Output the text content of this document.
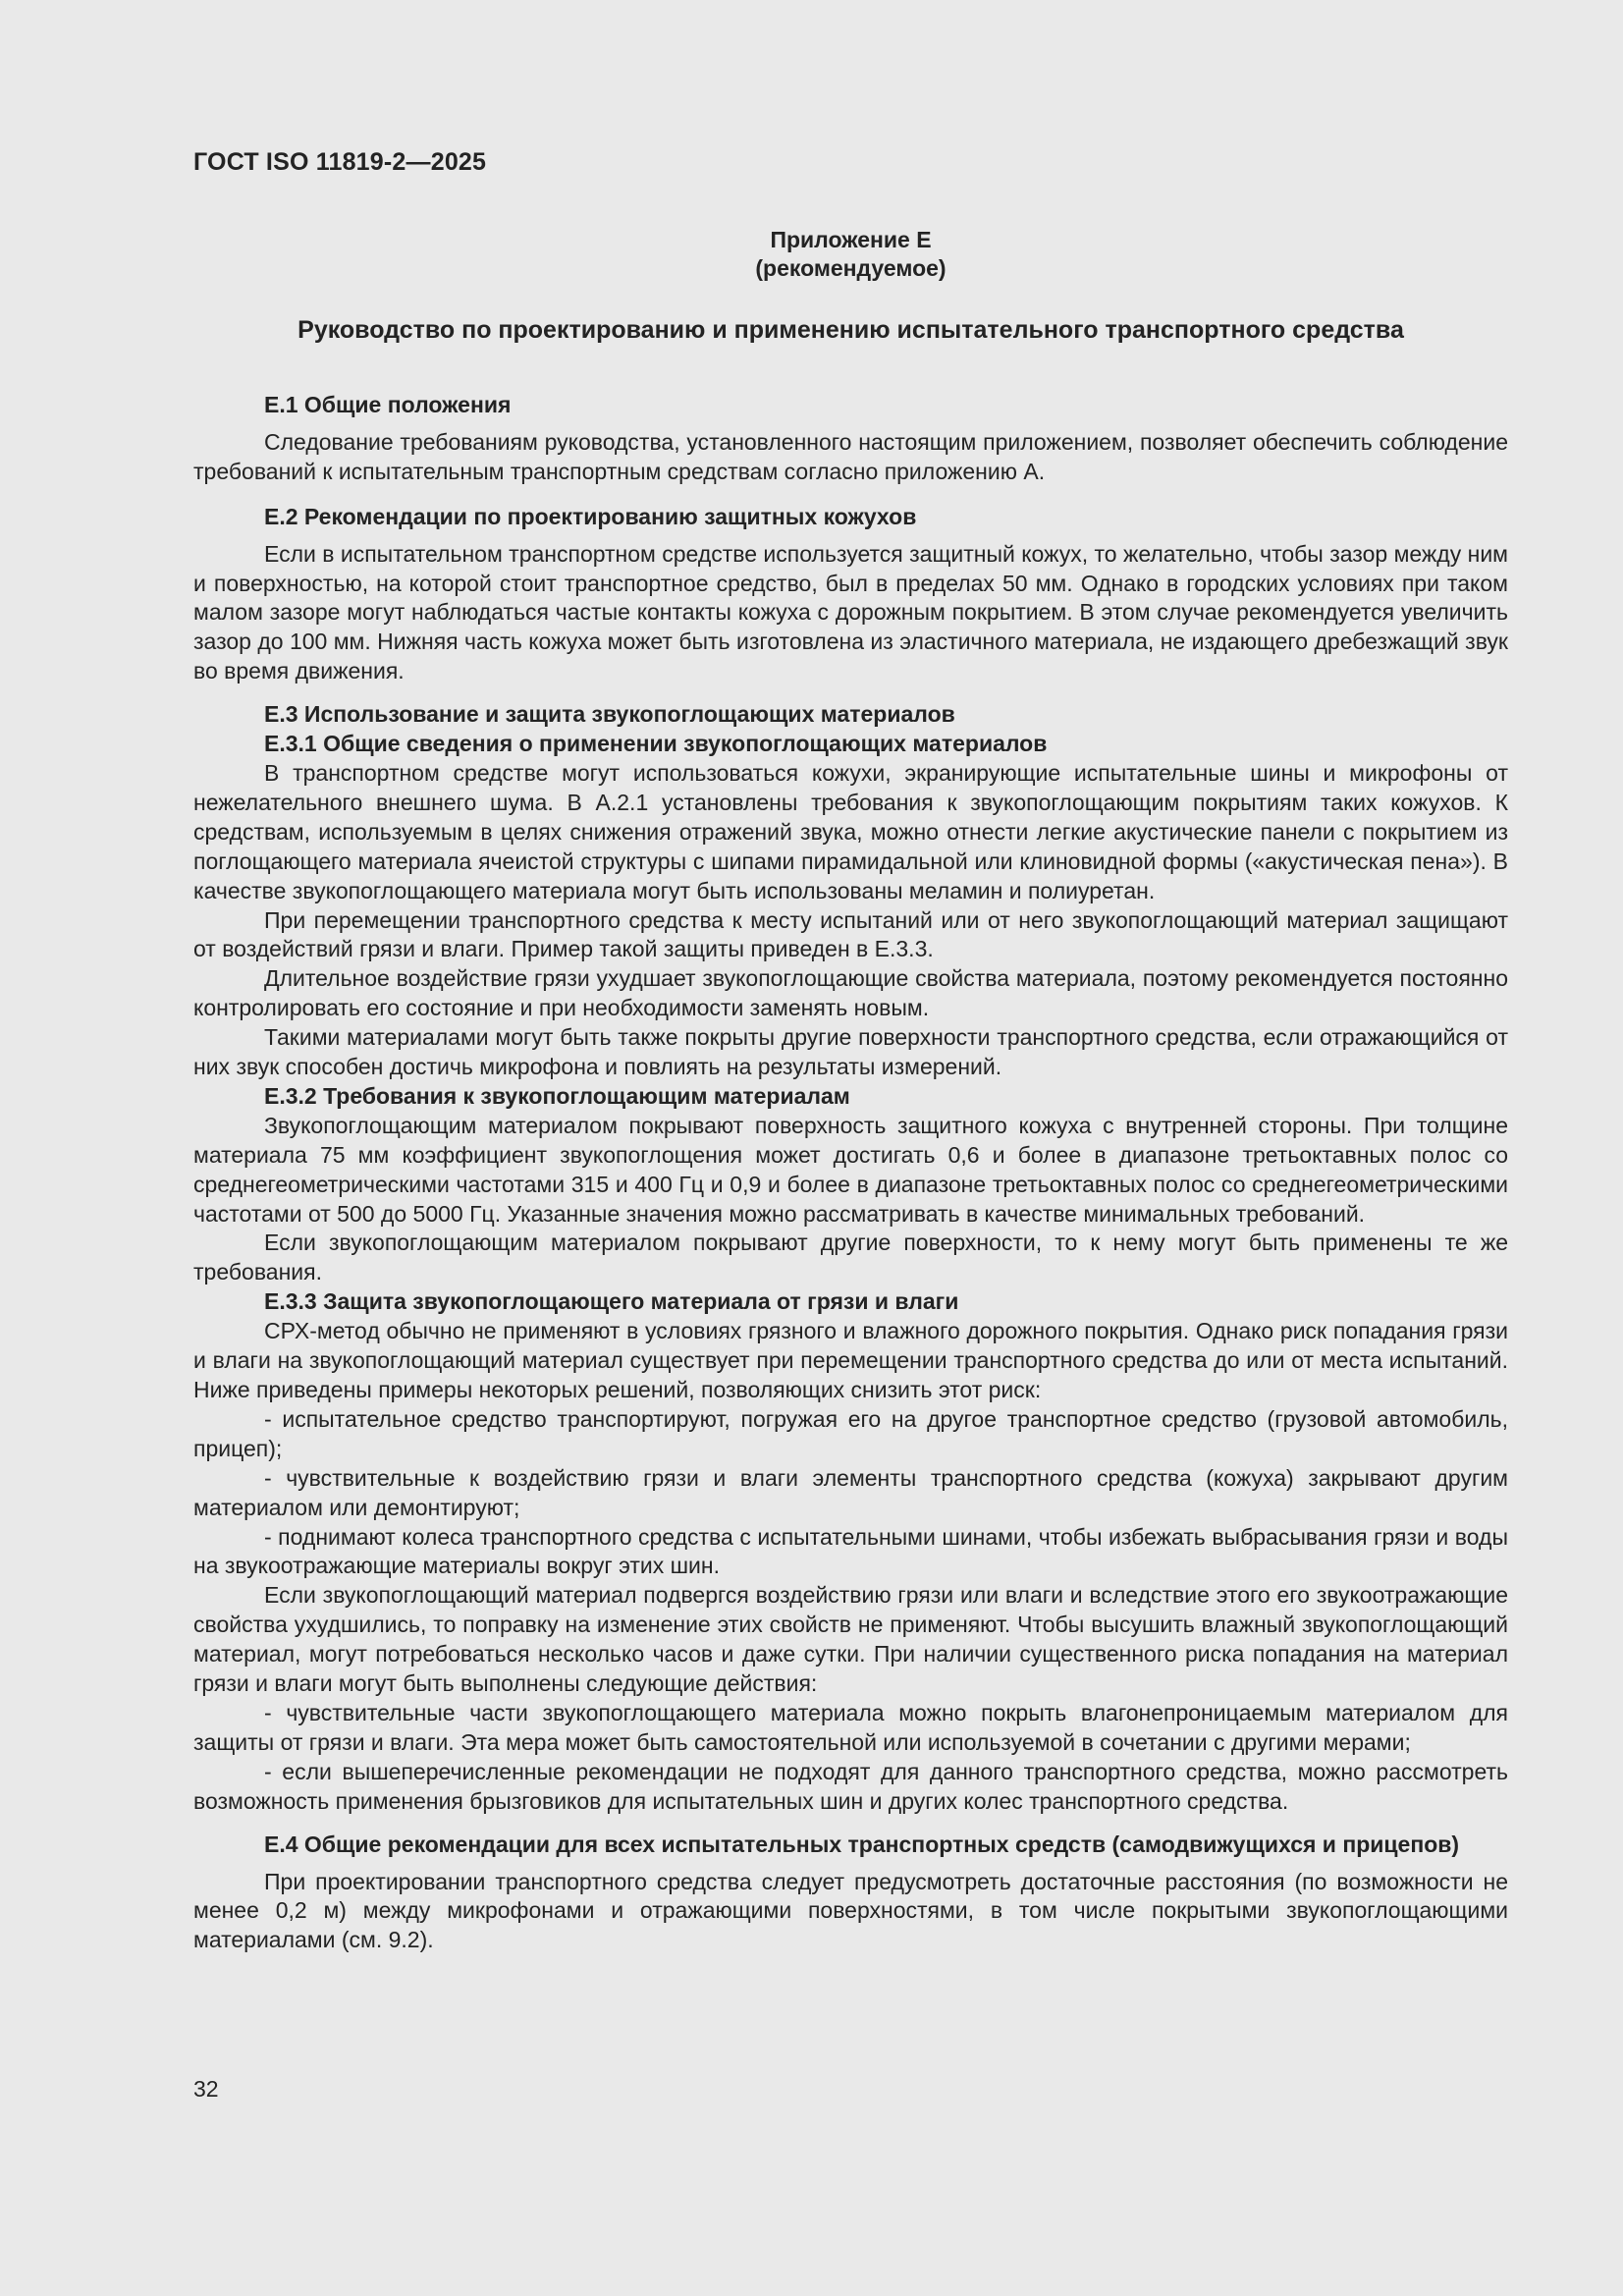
ГОСТ ISO 11819-2—2025
Приложение Е
(рекомендуемое)
Руководство по проектированию и применению испытательного транспортного средства
Е.1 Общие положения

Следование требованиям руководства, установленного настоящим приложением, позволяет обеспечить соблюдение требований к испытательным транспортным средствам согласно приложению А.

Е.2 Рекомендации по проектированию защитных кожухов

Если в испытательном транспортном средстве используется защитный кожух, то желательно, чтобы зазор между ним и поверхностью, на которой стоит транспортное средство, был в пределах 50 мм. Однако в городских условиях при таком малом зазоре могут наблюдаться частые контакты кожуха с дорожным покрытием. В этом случае рекомендуется увеличить зазор до 100 мм. Нижняя часть кожуха может быть изготовлена из эластичного материала, не издающего дребезжащий звук во время движения.

Е.3 Использование и защита звукопоглощающих материалов
Е.3.1 Общие сведения о применении звукопоглощающих материалов

В транспортном средстве могут использоваться кожухи, экранирующие испытательные шины и микрофоны от нежелательного внешнего шума. В А.2.1 установлены требования к звукопоглощающим покрытиям таких кожухов. К средствам, используемым в целях снижения отражений звука, можно отнести легкие акустические панели с покрытием из поглощающего материала ячеистой структуры с шипами пирамидальной или клиновидной формы («акустическая пена»). В качестве звукопоглощающего материала могут быть использованы меламин и полиуретан.

При перемещении транспортного средства к месту испытаний или от него звукопоглощающий материал защищают от воздействий грязи и влаги. Пример такой защиты приведен в Е.3.3.

Длительное воздействие грязи ухудшает звукопоглощающие свойства материала, поэтому рекомендуется постоянно контролировать его состояние и при необходимости заменять новым.

Такими материалами могут быть также покрыты другие поверхности транспортного средства, если отражающийся от них звук способен достичь микрофона и повлиять на результаты измерений.

Е.3.2 Требования к звукопоглощающим материалам

Звукопоглощающим материалом покрывают поверхность защитного кожуха с внутренней стороны. При толщине материала 75 мм коэффициент звукопоглощения может достигать 0,6 и более в диапазоне третьоктавных полос со среднегеометрическими частотами 315 и 400 Гц и 0,9 и более в диапазоне третьоктавных полос со среднегеометрическими частотами от 500 до 5000 Гц. Указанные значения можно рассматривать в качестве минимальных требований.

Если звукопоглощающим материалом покрывают другие поверхности, то к нему могут быть применены те же требования.

Е.3.3 Защита звукопоглощающего материала от грязи и влаги

СРХ-метод обычно не применяют в условиях грязного и влажного дорожного покрытия. Однако риск попадания грязи и влаги на звукопоглощающий материал существует при перемещении транспортного средства до или от места испытаний. Ниже приведены примеры некоторых решений, позволяющих снизить этот риск:

- испытательное средство транспортируют, погружая его на другое транспортное средство (грузовой автомобиль, прицеп);

- чувствительные к воздействию грязи и влаги элементы транспортного средства (кожуха) закрывают другим материалом или демонтируют;

- поднимают колеса транспортного средства с испытательными шинами, чтобы избежать выбрасывания грязи и воды на звукоотражающие материалы вокруг этих шин.

Если звукопоглощающий материал подвергся воздействию грязи или влаги и вследствие этого его звукоотражающие свойства ухудшились, то поправку на изменение этих свойств не применяют. Чтобы высушить влажный звукопоглощающий материал, могут потребоваться несколько часов и даже сутки. При наличии существенного риска попадания на материал грязи и влаги могут быть выполнены следующие действия:

- чувствительные части звукопоглощающего материала можно покрыть влагонепроницаемым материалом для защиты от грязи и влаги. Эта мера может быть самостоятельной или используемой в сочетании с другими мерами;

- если вышеперечисленные рекомендации не подходят для данного транспортного средства, можно рассмотреть возможность применения брызговиков для испытательных шин и других колес транспортного средства.

Е.4 Общие рекомендации для всех испытательных транспортных средств (самодвижущихся и прицепов)

При проектировании транспортного средства следует предусмотреть достаточные расстояния (по возможности не менее 0,2 м) между микрофонами и отражающими поверхностями, в том числе покрытыми звукопоглощающими материалами (см. 9.2).

32
